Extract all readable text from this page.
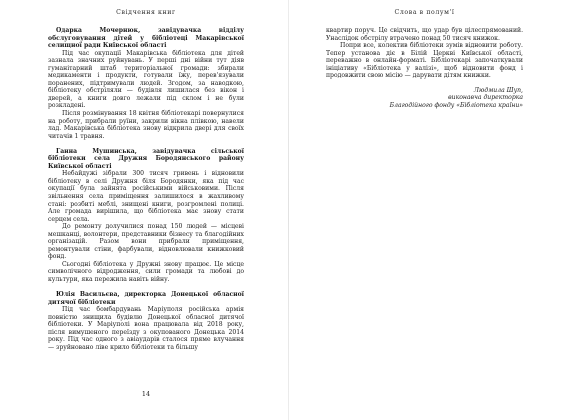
Свідчення книг

Одарка Мочернюк, завідувачка відділу обслуговування дітей у бібліотеці Макарівської селищної ради Київської області

Під час окупації Макарівська бібліотека для дітей зазнала значних руйнувань. У перші дні війни тут діяв гуманітарний штаб територіальної громади: збирали медикаменти і продукти, готували їжу, перев'язували поранених, підтримували людей. Згодом, за наводкою, бібліотеку обстріляли — будівля лишилася без вікон і дверей, а книги довго лежали під склом і не були розкладені.

Після розмінування 18 квітня бібліотекарі повернулися на роботу, прибрали руїни, закрили вікна плівкою, навели лад. Макарівська бібліотека знову відкрила двері для своїх читачів 1 травня.

Ганна Мушинська, завідувачка сільської бібліотеки села Дружня Бородянського району Київської області

Небайдужі зібрали 300 тисяч гривень і відновили бібліотеку в селі Дружня біля Бородянки, яка під час окупації була зайнята російськими військовими. Після звільнення села приміщення залишилося в жахливому стані: розбиті меблі, знищені книги, розгромлені полиці. Але громада вирішила, що бібліотека має знову стати серцем села.

До ремонту долучилися понад 150 людей — місцеві мешканці, волонтери, представники бізнесу та благодійних організацій. Разом вони прибрали приміщення, ремонтували стіни, фарбували, відновлювали книжковий фонд.

Сьогодні бібліотека у Дружні знову працює. Це місце символічного відродження, сили громади та любові до культури, яка пережила навіть війну.

Юлія Васильєва, директорка Донецької обласної дитячої бібліотеки

Під час бомбардувань Маріуполя російська армія повністю знищила будівлю Донецької обласної дитячої бібліотеки. У Маріуполі вона працювала від 2018 року, після вимушеного переїзду з окупованого Донецька 2014 року. Під час одного з авіаударів сталося пряме влучання — зруйновано ліве крило бібліотеки та більшу

14
Слова в полум'ї

квартир поруч. Це свідчить, що удар був цілеспрямований. Унаслідок обстрілу втрачено понад 50 тисяч книжок.

Попри все, колектив бібліотеки зумів відновити роботу. Тепер установа діє в Білій Церкві Київської області, переважно в онлайн-форматі. Бібліотекарі започаткували ініціативу «Бібліотека у валізі», щоб відновити фонд і продовжити свою місію — дарувати дітям книжки.

Людмила Шуп,
виконавча директорка
Благодійного фонду «Бібліотека країни»
